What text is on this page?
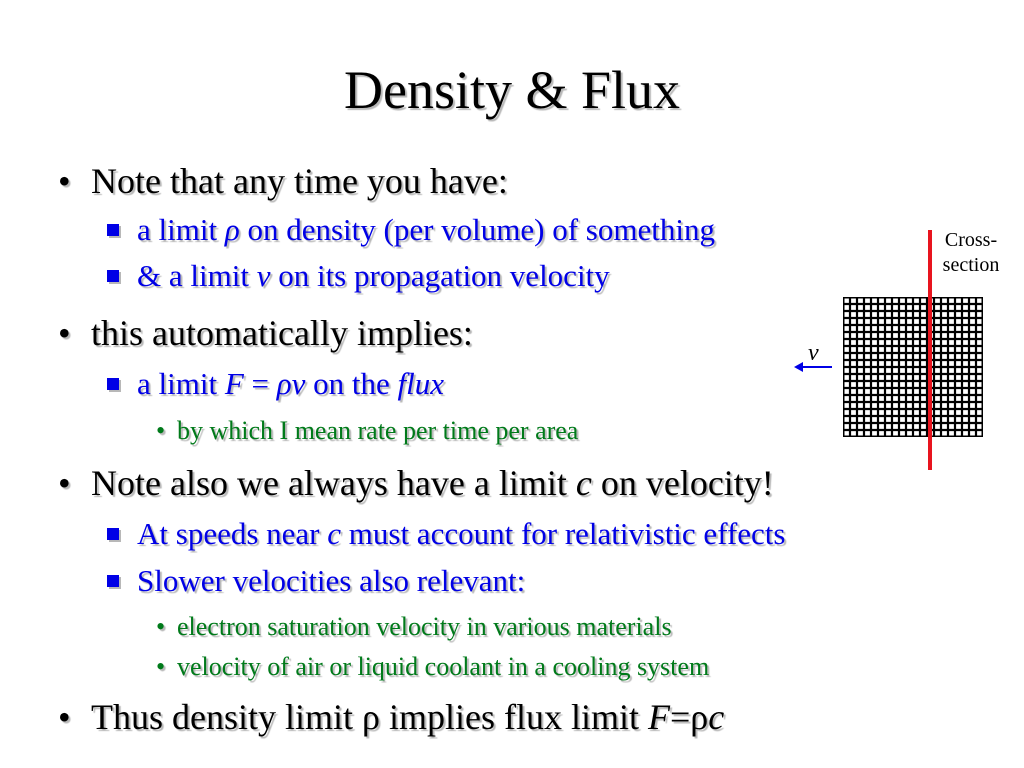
Density & Flux
• Note that any time you have:
a limit ρ on density (per volume) of something
& a limit v on its propagation velocity
• this automatically implies:
a limit F = ρv on the flux
• by which I mean rate per time per area
• Note also we always have a limit c on velocity!
At speeds near c must account for relativistic effects
Slower velocities also relevant:
• electron saturation velocity in various materials
• velocity of air or liquid coolant in a cooling system
• Thus density limit ρ implies flux limit F=ρc
Cross-
section
v
